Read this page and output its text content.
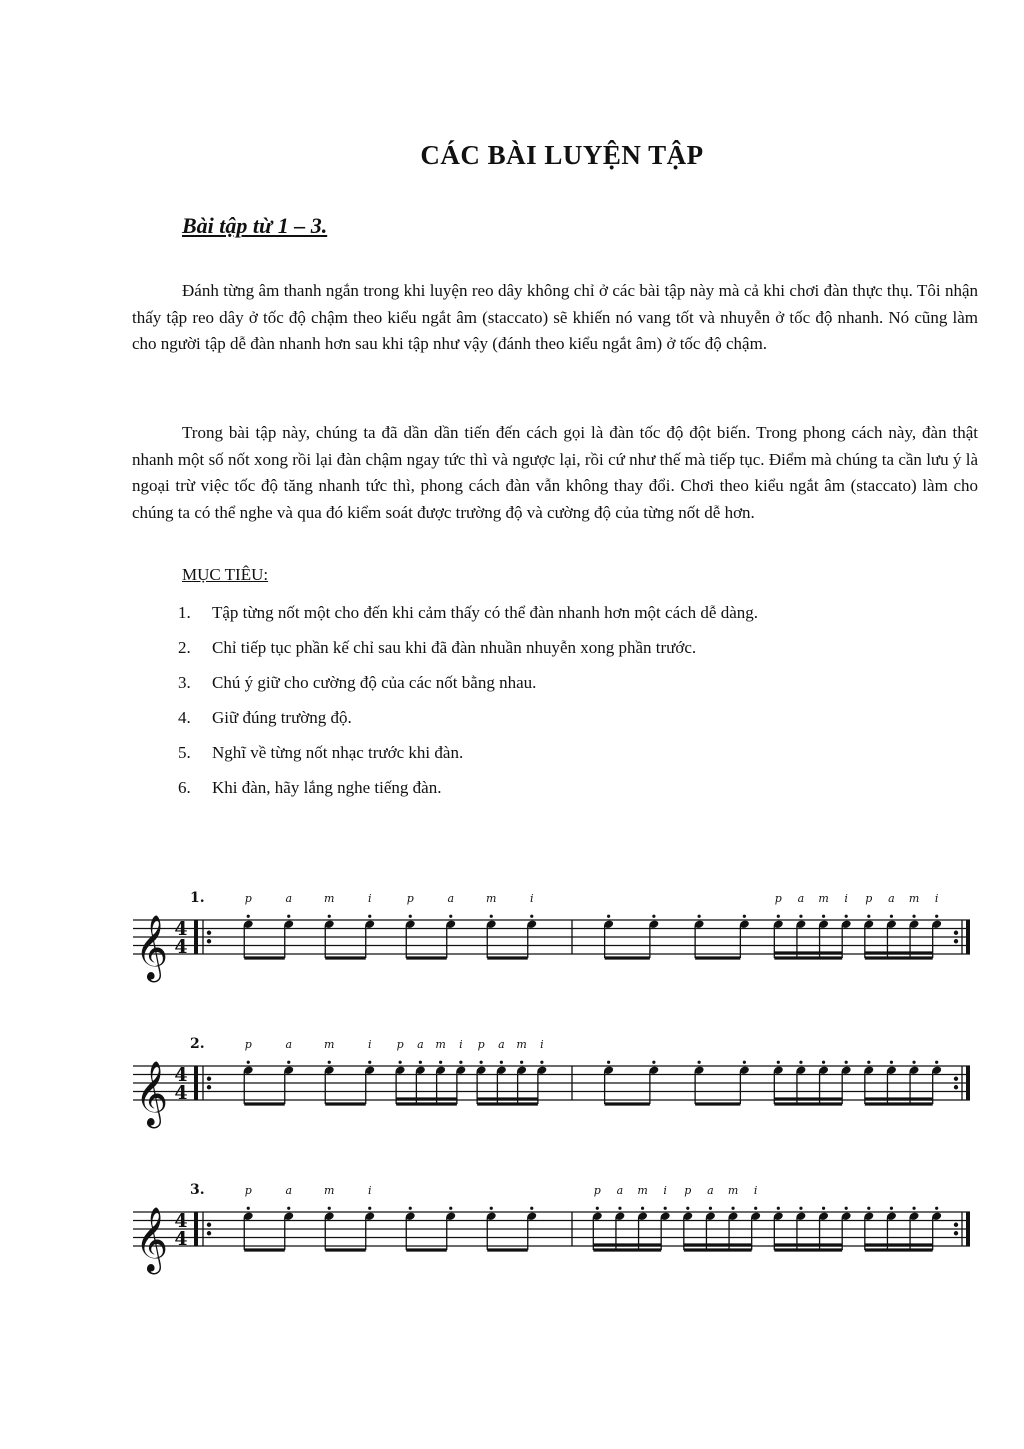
CÁC BÀI LUYỆN TẬP
Bài tập từ 1 – 3.

Đánh từng âm thanh ngắn trong khi luyện reo dây không chỉ ở các bài tập này mà cả khi chơi đàn thực thụ. Tôi nhận thấy tập reo dây ở tốc độ chậm theo kiểu ngắt âm (staccato) sẽ khiến nó vang tốt và nhuyễn ở tốc độ nhanh. Nó cũng làm cho người tập dễ đàn nhanh hơn sau khi tập như vậy (đánh theo kiểu ngắt âm) ở tốc độ chậm.

Trong bài tập này, chúng ta đã dần dần tiến đến cách gọi là đàn tốc độ đột biến. Trong phong cách này, đàn thật nhanh một số nốt xong rồi lại đàn chậm ngay tức thì và ngược lại, rồi cứ như thế mà tiếp tục. Điểm mà chúng ta cần lưu ý là ngoại trừ việc tốc độ tăng nhanh tức thì, phong cách đàn vẫn không thay đổi. Chơi theo kiểu ngắt âm (staccato) làm cho chúng ta có thể nghe và qua đó kiểm soát được trường độ và cường độ của từng nốt dễ hơn.

MỤC TIÊU:
1.	Tập từng nốt một cho đến khi cảm thấy có thể đàn nhanh hơn một cách dễ dàng.
2.	Chỉ tiếp tục phần kế chỉ sau khi đã đàn nhuần nhuyễn xong phần trước.
3.	Chú ý giữ cho cường độ của các nốt bằng nhau.
4.	Giữ đúng trường độ.
5.	Nghĩ về từng nốt nhạc trước khi đàn.
6.	Khi đàn, hãy lắng nghe tiếng đàn.
𝄞 4
4
1.	p	a	m	i	p	a	m	i	p a m i p a m i
𝄞 4
4
2.	p	a	m	i p a m i p a m i
𝄞 4
4
3.	p	a	m	i	p a m i p a m i
